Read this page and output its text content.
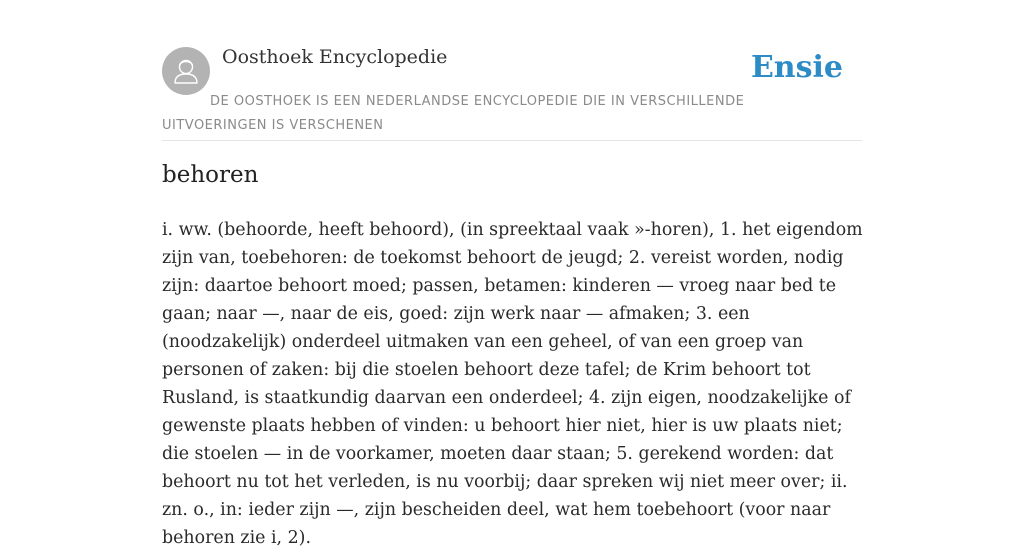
Oosthoek Encyclopedie	Ensie
DE OOSTHOEK IS EEN NEDERLANDSE ENCYCLOPEDIE DIE IN VERSCHILLENDE UITVOERINGEN IS VERSCHENEN
behoren

i. ww. (behoorde, heeft behoord), (in spreektaal vaak »-horen), 1. het eigendom zijn van, toebehoren: de toekomst behoort de jeugd; 2. vereist worden, nodig zijn: daartoe behoort moed; passen, betamen: kinderen — vroeg naar bed te gaan; naar —, naar de eis, goed: zijn werk naar — afmaken; 3. een (noodzakelijk) onderdeel uitmaken van een geheel, of van een groep van personen of zaken: bij die stoelen behoort deze tafel; de Krim behoort tot Rusland, is staatkundig daarvan een onderdeel; 4. zijn eigen, noodzakelijke of gewenste plaats hebben of vinden: u behoort hier niet, hier is uw plaats niet; die stoelen — in de voorkamer, moeten daar staan; 5. gerekend worden: dat behoort nu tot het verleden, is nu voorbij; daar spreken wij niet meer over; ii. zn. o., in: ieder zijn —, zijn bescheiden deel, wat hem toebehoort (voor naar behoren zie i, 2).
